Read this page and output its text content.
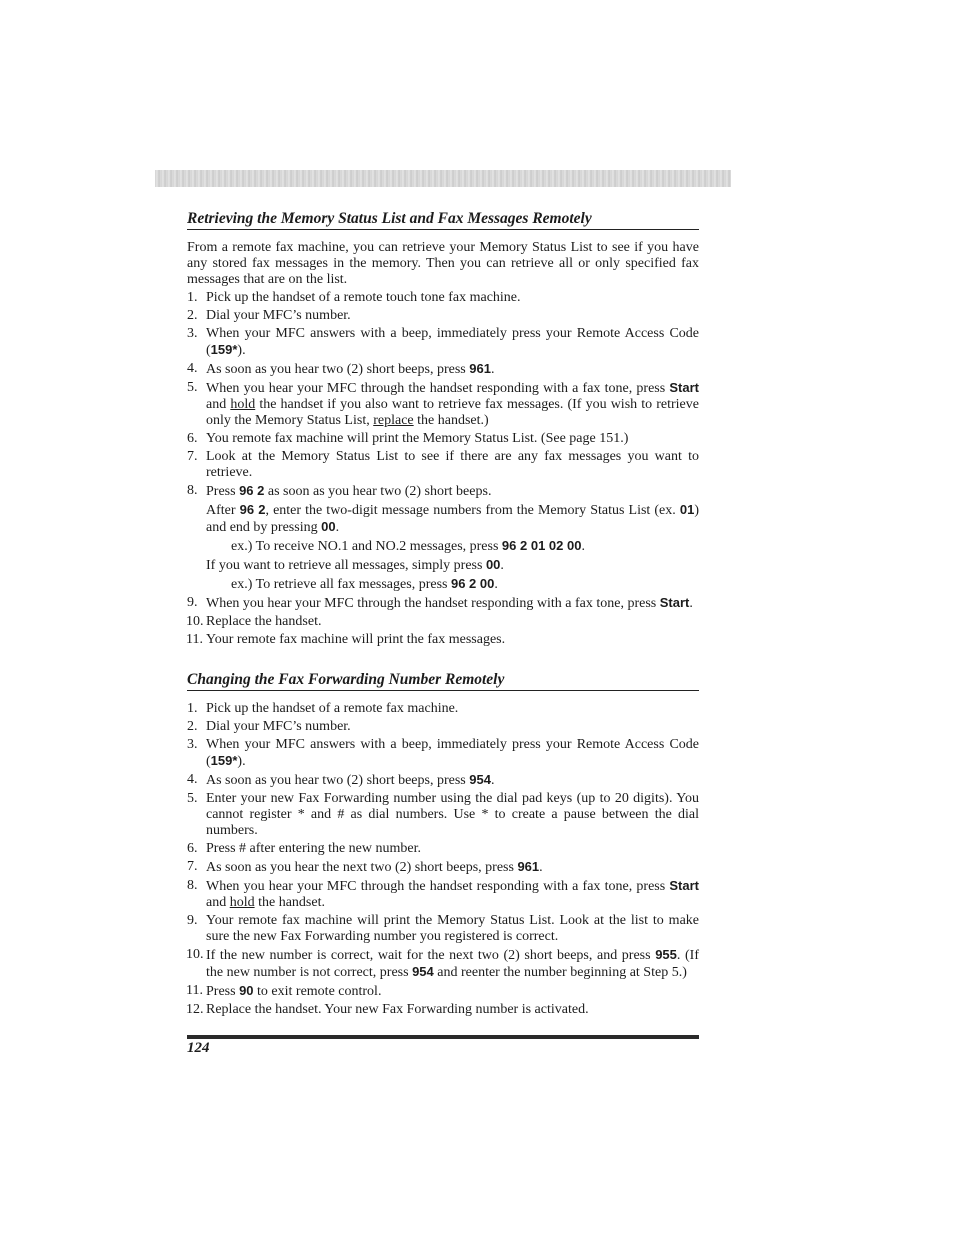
Retrieving the Memory Status List and Fax Messages Remotely

From a remote fax machine, you can retrieve your Memory Status List to see if you have any stored fax messages in the memory. Then you can retrieve all or only specified fax messages that are on the list.

1. Pick up the handset of a remote touch tone fax machine.
2. Dial your MFC’s number.
3. When your MFC answers with a beep, immediately press your Remote Access Code (159*).
4. As soon as you hear two (2) short beeps, press 961.
5. When you hear your MFC through the handset responding with a fax tone, press Start and hold the handset if you also want to retrieve fax messages. (If you wish to retrieve only the Memory Status List, replace the handset.)
6. You remote fax machine will print the Memory Status List. (See page 151.)
7. Look at the Memory Status List to see if there are any fax messages you want to retrieve.
8. Press 96 2 as soon as you hear two (2) short beeps.
After 96 2, enter the two-digit message numbers from the Memory Status List (ex. 01) and end by pressing 00.
ex.) To receive NO.1 and NO.2 messages, press 96 2 01 02 00.
If you want to retrieve all messages, simply press 00.
ex.) To retrieve all fax messages, press 96 2 00.
9. When you hear your MFC through the handset responding with a fax tone, press Start.
10. Replace the handset.
11. Your remote fax machine will print the fax messages.
Changing the Fax Forwarding Number Remotely
1. Pick up the handset of a remote fax machine.
2. Dial your MFC’s number.
3. When your MFC answers with a beep, immediately press your Remote Access Code (159*).
4. As soon as you hear two (2) short beeps, press 954.
5. Enter your new Fax Forwarding number using the dial pad keys (up to 20 digits). You cannot register * and # as dial numbers. Use * to create a pause between the dial numbers.
6. Press # after entering the new number.
7. As soon as you hear the next two (2) short beeps, press 961.
8. When you hear your MFC through the handset responding with a fax tone, press Start and hold the handset.
9. Your remote fax machine will print the Memory Status List. Look at the list to make sure the new Fax Forwarding number you registered is correct.
10. If the new number is correct, wait for the next two (2) short beeps, and press 955. (If the new number is not correct, press 954 and reenter the number beginning at Step 5.)
11. Press 90 to exit remote control.
12. Replace the handset. Your new Fax Forwarding number is activated.
124
